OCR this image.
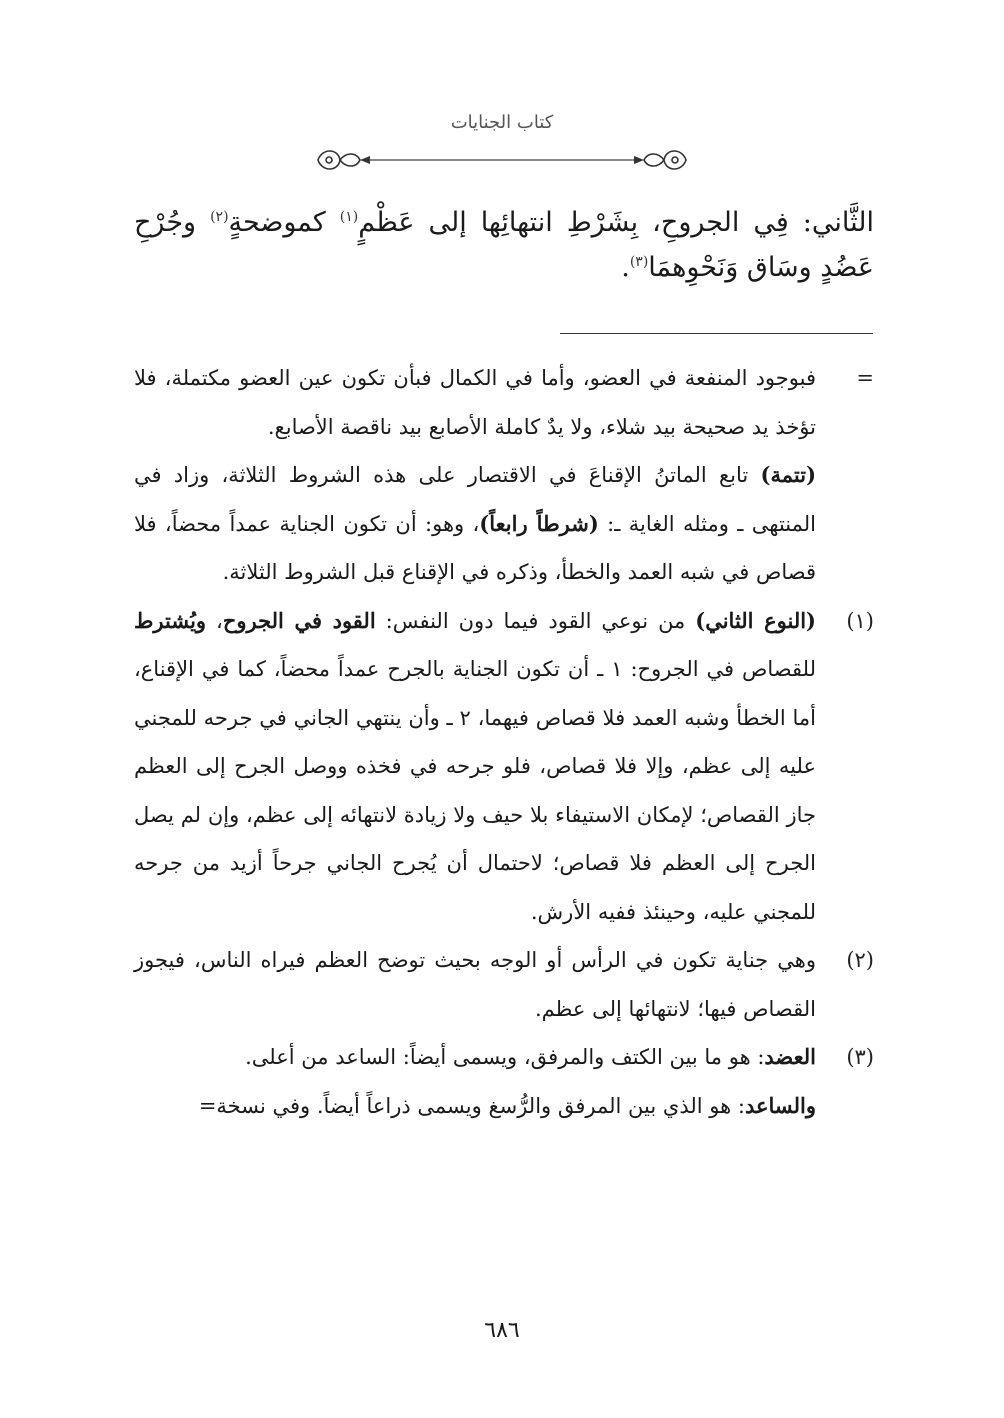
كتاب الجنايات

الثَّاني: فِي الجروحِ، بِشَرْطِ انتهائِها إلى عَظْمٍ$^{(١)}$ كموضحةٍ$^{(٢)}$ وجُرْحِ عَضُدٍ وسَاق وَنَحْوِهمَا$^{(٣)}$.

=

فبوجود المنفعة في العضو، وأما في الكمال فبأن تكون عين العضو مكتملة، فلا تؤخذ يد صحيحة بيد شلاء، ولا يدٌ كاملة الأصابع بيد ناقصة الأصابع.

(تتمة) تابع الماتنُ الإقناعَ في الاقتصار على هذه الشروط الثلاثة، وزاد في المنتهى ـ ومثله الغاية ـ: (شرطاً رابعاً)، وهو: أن تكون الجناية عمداً محضاً، فلا قصاص في شبه العمد والخطأ، وذكره في الإقناع قبل الشروط الثلاثة.

(١)

(النوع الثاني) من نوعي القود فيما دون النفس: القود في الجروح، ويُشترط للقصاص في الجروح: ١ ـ أن تكون الجناية بالجرح عمداً محضاً، كما في الإقناع، أما الخطأ وشبه العمد فلا قصاص فيهما، ٢ ـ وأن ينتهي الجاني في جرحه للمجني عليه إلى عظم، وإلا فلا قصاص، فلو جرحه في فخذه ووصل الجرح إلى العظم جاز القصاص؛ لإمكان الاستيفاء بلا حيف ولا زيادة لانتهائه إلى عظم، وإن لم يصل الجرح إلى العظم فلا قصاص؛ لاحتمال أن يُجرح الجاني جرحاً أزيد من جرحه للمجني عليه، وحينئذ ففيه الأرش.

(٢)

وهي جناية تكون في الرأس أو الوجه بحيث توضح العظم فيراه الناس، فيجوز القصاص فيها؛ لانتهائها إلى عظم.

(٣)

العضد: هو ما بين الكتف والمرفق، ويسمى أيضاً: الساعد من أعلى.

والساعد: هو الذي بين المرفق والرُّسغ ويسمى ذراعاً أيضاً. وفي نسخة=

٦٨٦
